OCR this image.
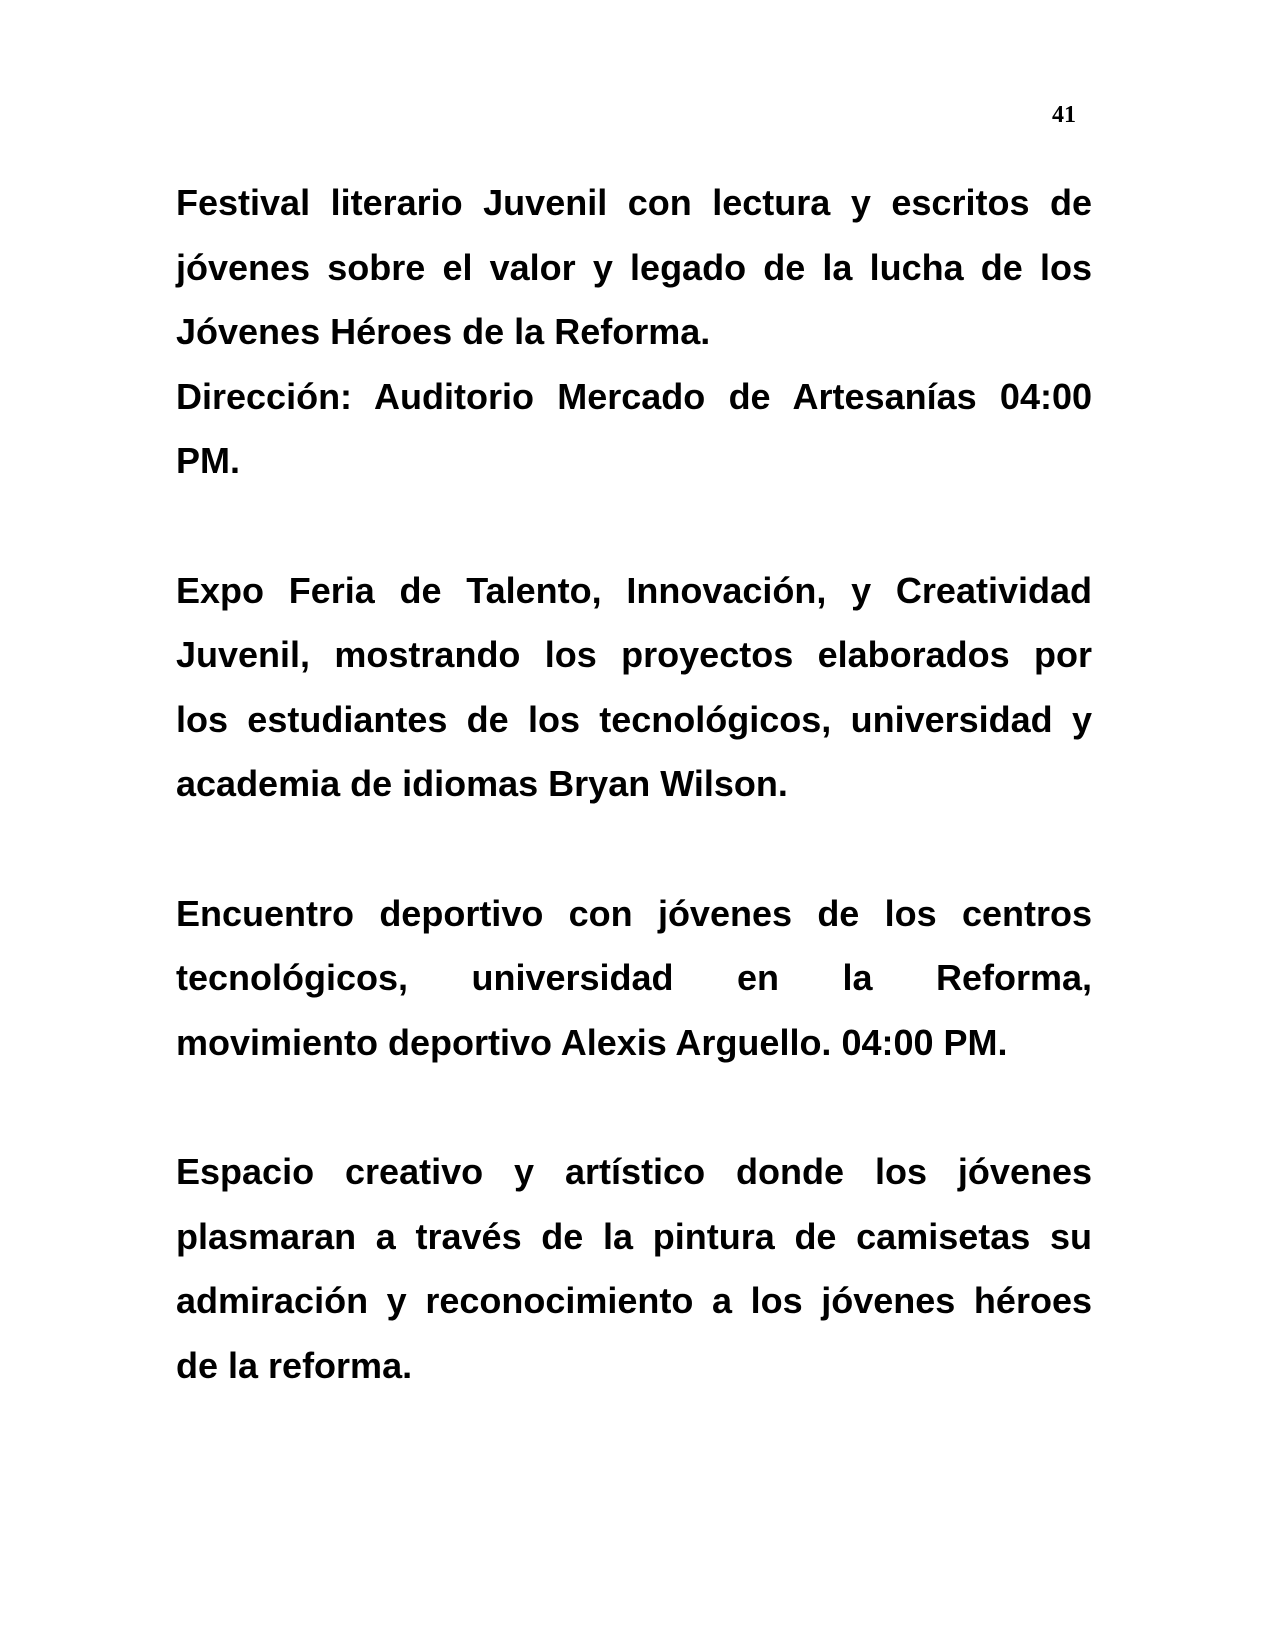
41
Festival literario Juvenil con lectura y escritos de
jóvenes sobre el valor y legado de la lucha de los
Jóvenes Héroes de la Reforma.
Dirección: Auditorio Mercado de Artesanías 04:00
PM.
Expo Feria de Talento, Innovación, y Creatividad
Juvenil, mostrando los proyectos elaborados por
los estudiantes de los tecnológicos, universidad y
academia de idiomas Bryan Wilson.
Encuentro deportivo con jóvenes de los centros
tecnológicos, universidad en la Reforma,
movimiento deportivo Alexis Arguello. 04:00 PM.
Espacio creativo y artístico donde los jóvenes
plasmaran a través de la pintura de camisetas su
admiración y reconocimiento a los jóvenes héroes
de la reforma.
